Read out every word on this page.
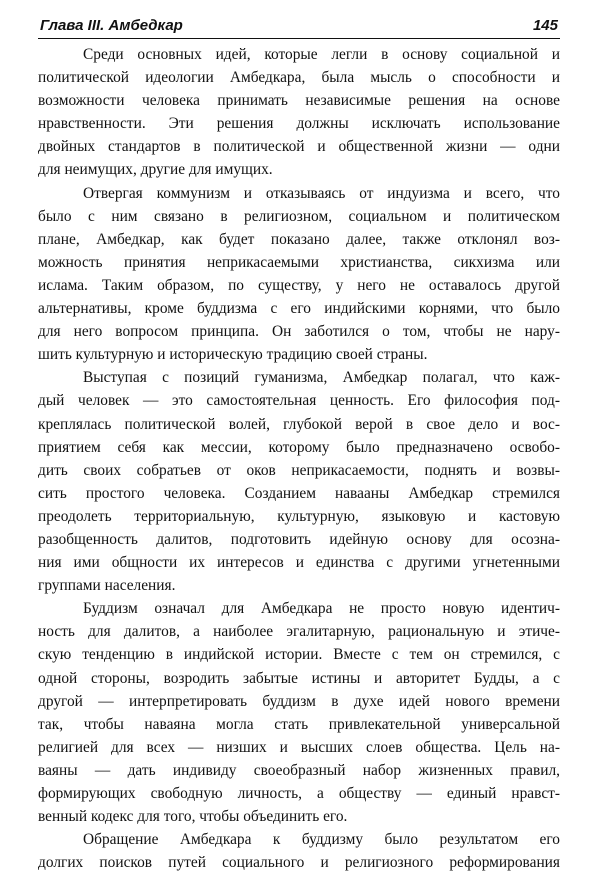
Глава III. Амбедкар	145
Среди основных идей, которые легли в основу социальной и
политической идеологии Амбедкара, была мысль о способности и
возможности человека принимать независимые решения на основе
нравственности. Эти решения должны исключать использование
двойных стандартов в политической и общественной жизни — одни
для неимущих, другие для имущих.
Отвергая коммунизм и отказываясь от индуизма и всего, что
было с ним связано в религиозном, социальном и политическом
плане, Амбедкар, как будет показано далее, также отклонял воз-
можность принятия неприкасаемыми христианства, сикхизма или
ислама. Таким образом, по существу, у него не оставалось другой
альтернативы, кроме буддизма с его индийскими корнями, что было
для него вопросом принципа. Он заботился о том, чтобы не нару-
шить культурную и историческую традицию своей страны.
Выступая с позиций гуманизма, Амбедкар полагал, что каж-
дый человек — это самостоятельная ценность. Его философия под-
креплялась политической волей, глубокой верой в свое дело и вос-
приятием себя как мессии, которому было предназначено освобо-
дить своих собратьев от оков неприкасаемости, поднять и возвы-
сить простого человека. Созданием навааны Амбедкар стремился
преодолеть территориальную, культурную, языковую и кастовую
разобщенность далитов, подготовить идейную основу для осозна-
ния ими общности их интересов и единства с другими угнетенными
группами населения.
Буддизм означал для Амбедкара не просто новую идентич-
ность для далитов, а наиболее эгалитарную, рациональную и этиче-
скую тенденцию в индийской истории. Вместе с тем он стремился, с
одной стороны, возродить забытые истины и авторитет Будды, а с
другой — интерпретировать буддизм в духе идей нового времени
так, чтобы наваяна могла стать привлекательной универсальной
религией для всех — низших и высших слоев общества. Цель на-
ваяны — дать индивиду своеобразный набор жизненных правил,
формирующих свободную личность, а обществу — единый нравст-
венный кодекс для того, чтобы объединить его.
Обращение Амбедкара к буддизму было результатом его
долгих поисков путей социального и религиозного реформирования
